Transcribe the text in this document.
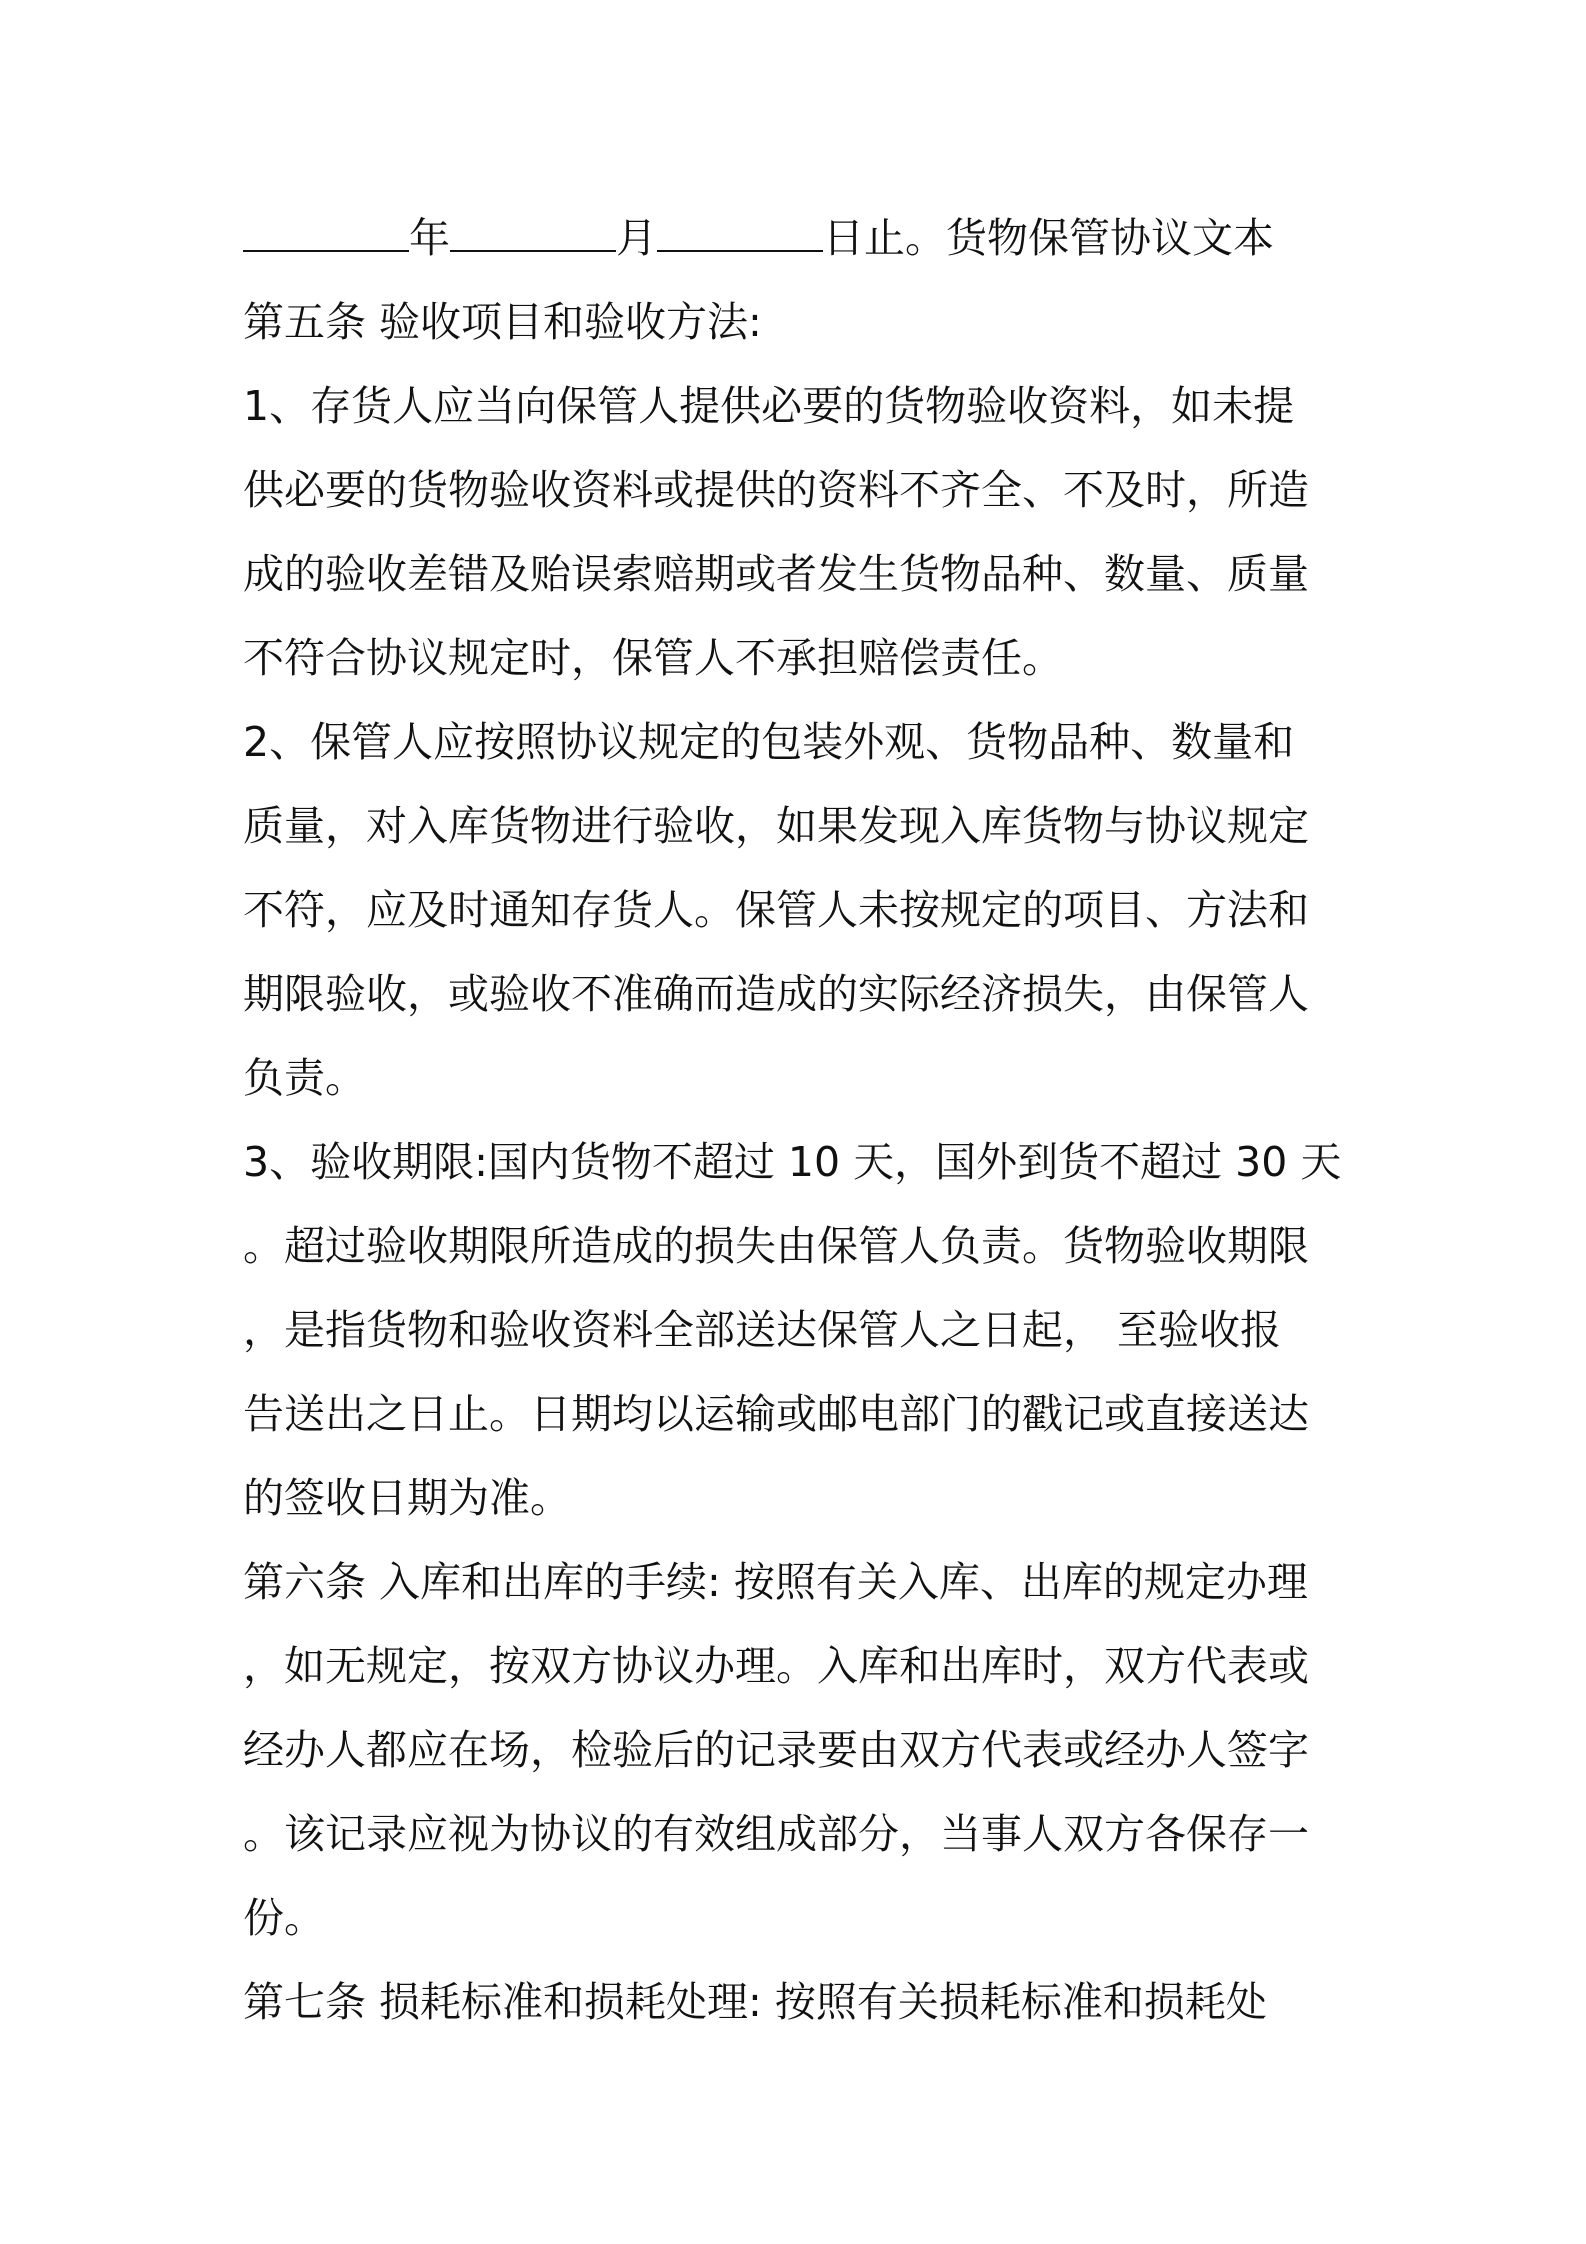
年	月	日止。货物保管协议文本
第五条 验收项目和验收方法:
1、存货人应当向保管人提供必要的货物验收资料，如未提
供必要的货物验收资料或提供的资料不齐全、不及时，所造
成的验收差错及贻误索赔期或者发生货物品种、数量、质量
不符合协议规定时，保管人不承担赔偿责任。
2、保管人应按照协议规定的包装外观、货物品种、数量和
质量，对入库货物进行验收，如果发现入库货物与协议规定
不符，应及时通知存货人。保管人未按规定的项目、方法和
期限验收，或验收不准确而造成的实际经济损失，由保管人
负责。
3、验收期限:国内货物不超过 10 天，国外到货不超过 30 天
。超过验收期限所造成的损失由保管人负责。货物验收期限
，是指货物和验收资料全部送达保管人之日起， 至验收报
告送出之日止。日期均以运输或邮电部门的戳记或直接送达
的签收日期为准。
第六条 入库和出库的手续: 按照有关入库、出库的规定办理
，如无规定，按双方协议办理。入库和出库时，双方代表或
经办人都应在场，检验后的记录要由双方代表或经办人签字
。该记录应视为协议的有效组成部分，当事人双方各保存一
份。
第七条 损耗标准和损耗处理: 按照有关损耗标准和损耗处
